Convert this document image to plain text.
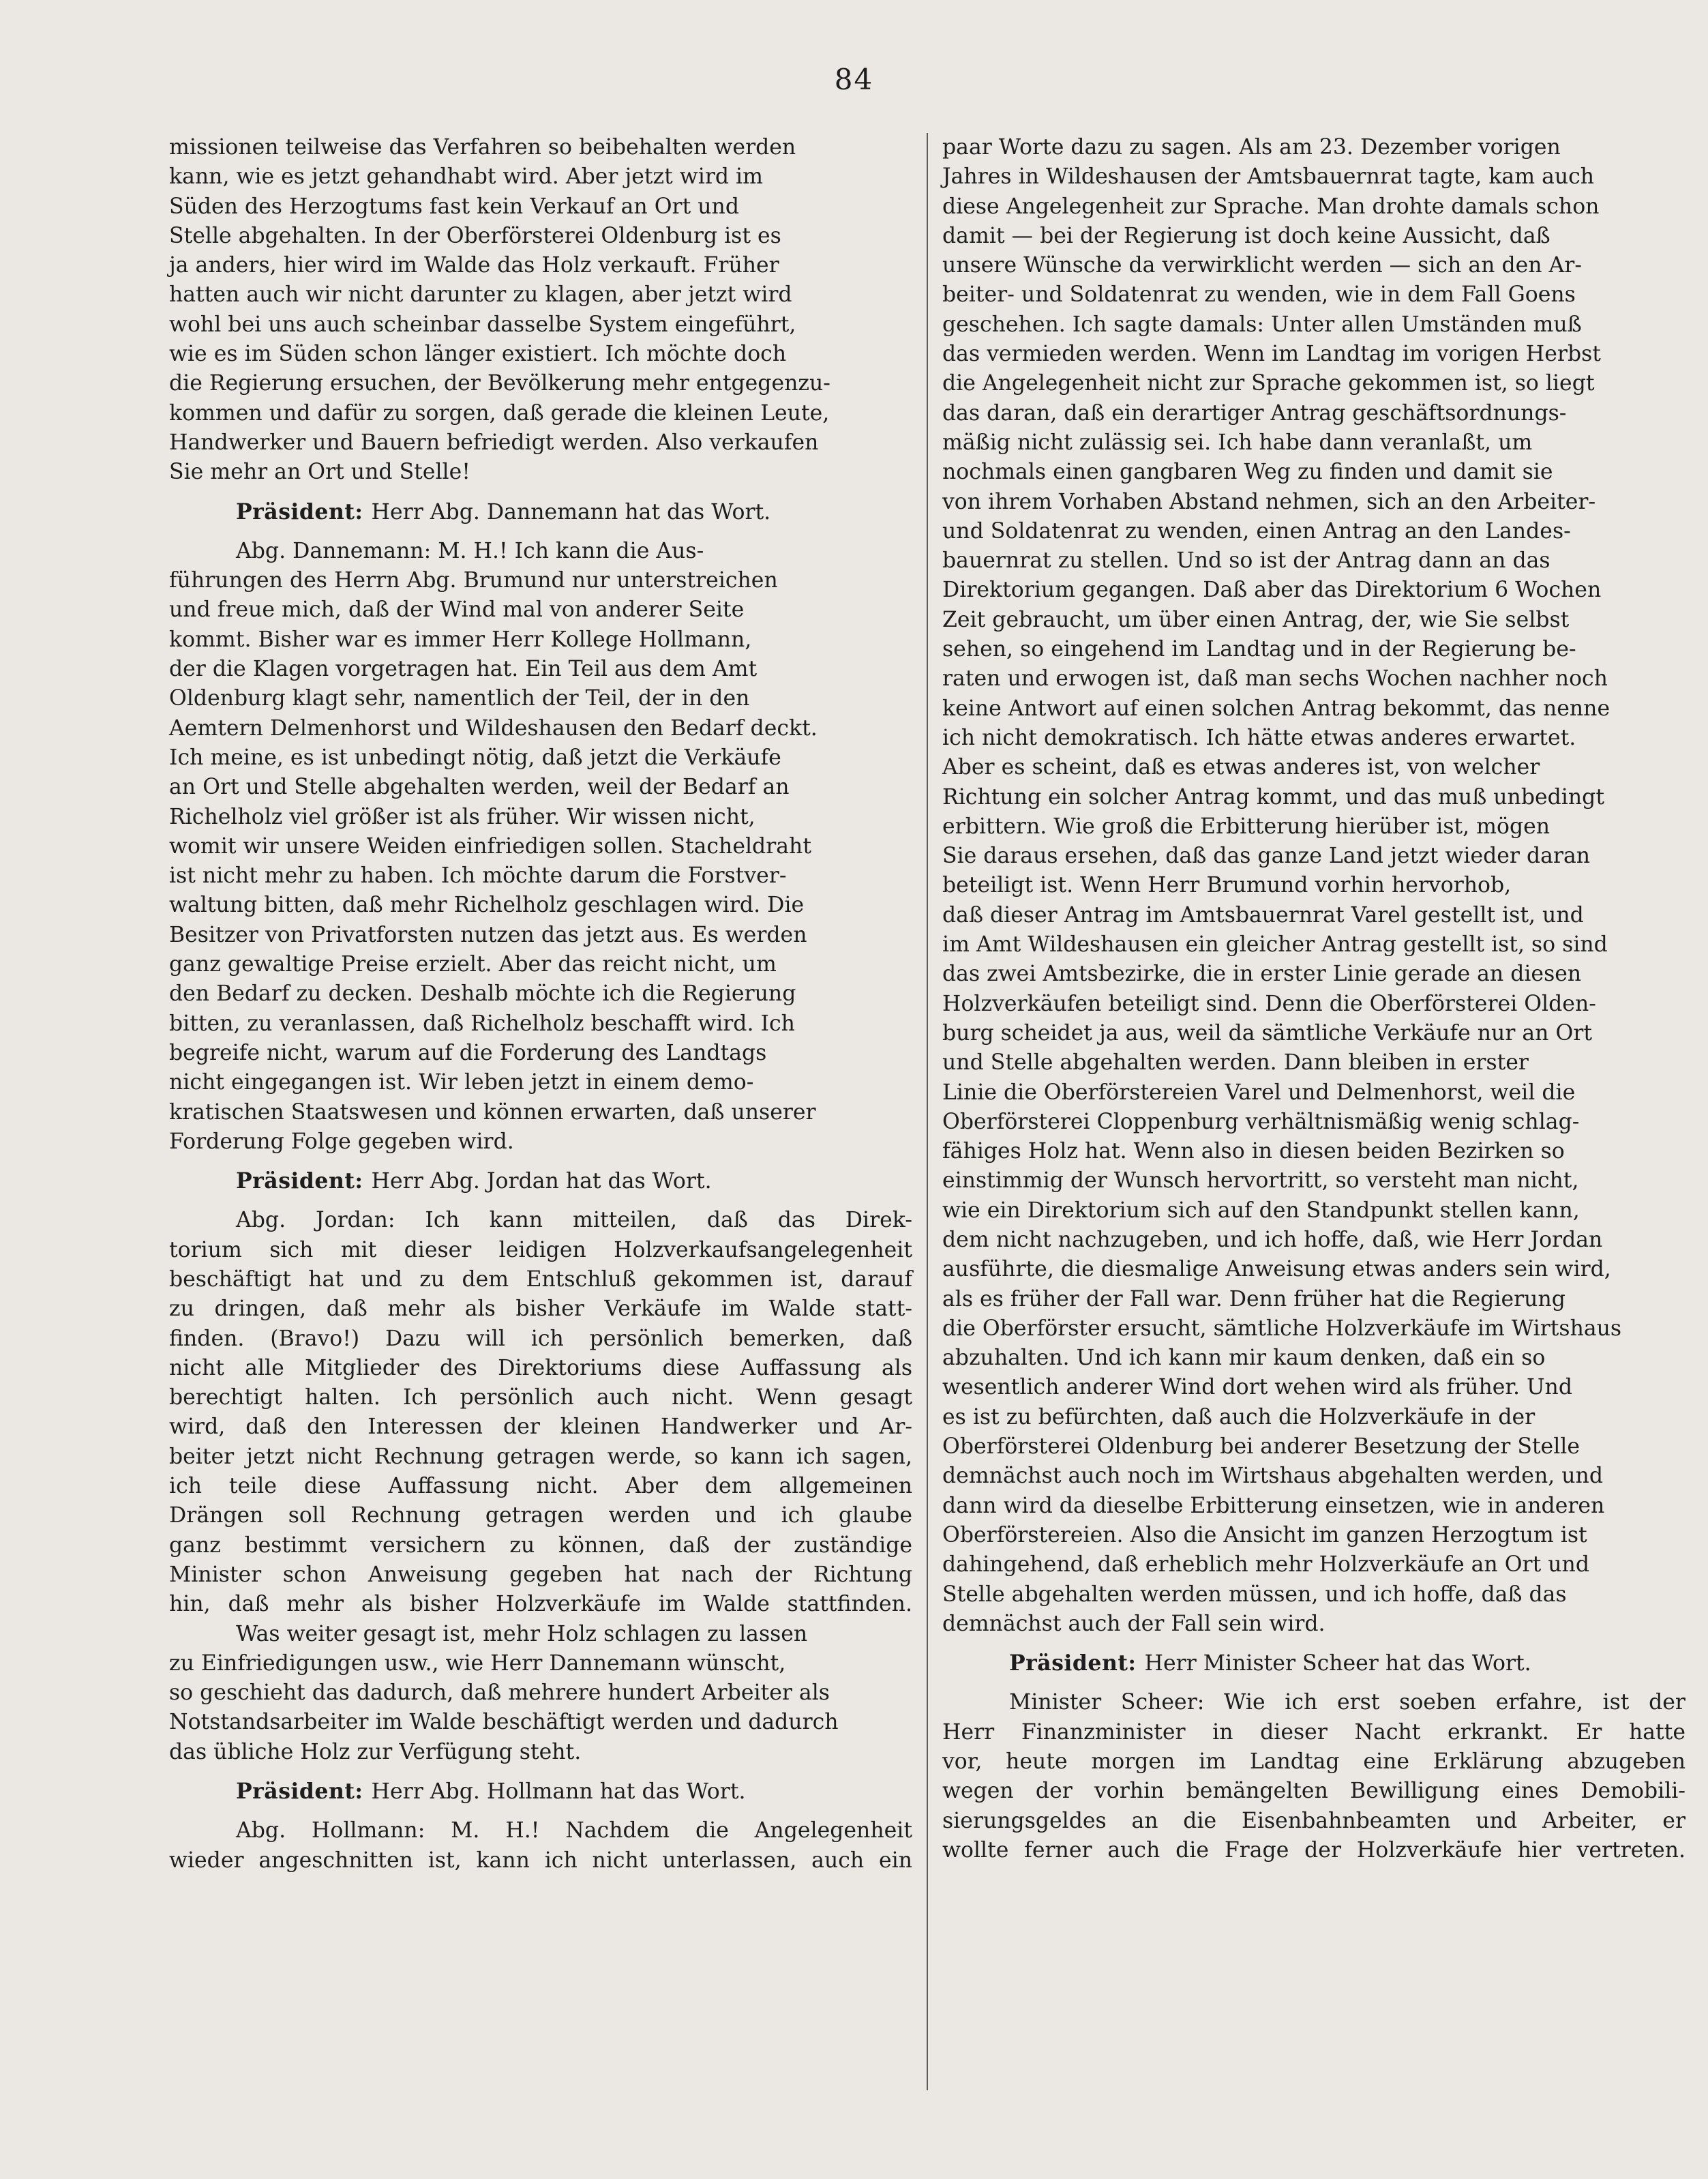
84

missionen teilweise das Verfahren so beibehalten werden
kann, wie es jetzt gehandhabt wird. Aber jetzt wird im
Süden des Herzogtums fast kein Verkauf an Ort und
Stelle abgehalten. In der Oberförsterei Oldenburg ist es
ja anders, hier wird im Walde das Holz verkauft. Früher
hatten auch wir nicht darunter zu klagen, aber jetzt wird
wohl bei uns auch scheinbar dasselbe System eingeführt,
wie es im Süden schon länger existiert. Ich möchte doch
die Regierung ersuchen, der Bevölkerung mehr entgegenzu-
kommen und dafür zu sorgen, daß gerade die kleinen Leute,
Handwerker und Bauern befriedigt werden. Also verkaufen
Sie mehr an Ort und Stelle!

Präsident: Herr Abg. Dannemann hat das Wort.

Abg. Dannemann: M. H.! Ich kann die Aus-
führungen des Herrn Abg. Brumund nur unterstreichen
und freue mich, daß der Wind mal von anderer Seite
kommt. Bisher war es immer Herr Kollege Hollmann,
der die Klagen vorgetragen hat. Ein Teil aus dem Amt
Oldenburg klagt sehr, namentlich der Teil, der in den
Aemtern Delmenhorst und Wildeshausen den Bedarf deckt.
Ich meine, es ist unbedingt nötig, daß jetzt die Verkäufe
an Ort und Stelle abgehalten werden, weil der Bedarf an
Richelholz viel größer ist als früher. Wir wissen nicht,
womit wir unsere Weiden einfriedigen sollen. Stacheldraht
ist nicht mehr zu haben. Ich möchte darum die Forstver-
waltung bitten, daß mehr Richelholz geschlagen wird. Die
Besitzer von Privatforsten nutzen das jetzt aus. Es werden
ganz gewaltige Preise erzielt. Aber das reicht nicht, um
den Bedarf zu decken. Deshalb möchte ich die Regierung
bitten, zu veranlassen, daß Richelholz beschafft wird. Ich
begreife nicht, warum auf die Forderung des Landtags
nicht eingegangen ist. Wir leben jetzt in einem demo-
kratischen Staatswesen und können erwarten, daß unserer
Forderung Folge gegeben wird.

Präsident: Herr Abg. Jordan hat das Wort.

Abg. Jordan: Ich kann mitteilen, daß das Direk-
torium sich mit dieser leidigen Holzverkaufsangelegenheit
beschäftigt hat und zu dem Entschluß gekommen ist, darauf
zu dringen, daß mehr als bisher Verkäufe im Walde statt-
finden. (Bravo!) Dazu will ich persönlich bemerken, daß
nicht alle Mitglieder des Direktoriums diese Auffassung als
berechtigt halten. Ich persönlich auch nicht. Wenn gesagt
wird, daß den Interessen der kleinen Handwerker und Ar-
beiter jetzt nicht Rechnung getragen werde, so kann ich sagen,
ich teile diese Auffassung nicht. Aber dem allgemeinen
Drängen soll Rechnung getragen werden und ich glaube
ganz bestimmt versichern zu können, daß der zuständige
Minister schon Anweisung gegeben hat nach der Richtung
hin, daß mehr als bisher Holzverkäufe im Walde stattfinden.

Was weiter gesagt ist, mehr Holz schlagen zu lassen
zu Einfriedigungen usw., wie Herr Dannemann wünscht,
so geschieht das dadurch, daß mehrere hundert Arbeiter als
Notstandsarbeiter im Walde beschäftigt werden und dadurch
das übliche Holz zur Verfügung steht.

Präsident: Herr Abg. Hollmann hat das Wort.

Abg. Hollmann: M. H.! Nachdem die Angelegenheit
wieder angeschnitten ist, kann ich nicht unterlassen, auch ein

paar Worte dazu zu sagen. Als am 23. Dezember vorigen
Jahres in Wildeshausen der Amtsbauernrat tagte, kam auch
diese Angelegenheit zur Sprache. Man drohte damals schon
damit — bei der Regierung ist doch keine Aussicht, daß
unsere Wünsche da verwirklicht werden — sich an den Ar-
beiter- und Soldatenrat zu wenden, wie in dem Fall Goens
geschehen. Ich sagte damals: Unter allen Umständen muß
das vermieden werden. Wenn im Landtag im vorigen Herbst
die Angelegenheit nicht zur Sprache gekommen ist, so liegt
das daran, daß ein derartiger Antrag geschäftsordnungs-
mäßig nicht zulässig sei. Ich habe dann veranlaßt, um
nochmals einen gangbaren Weg zu finden und damit sie
von ihrem Vorhaben Abstand nehmen, sich an den Arbeiter-
und Soldatenrat zu wenden, einen Antrag an den Landes-
bauernrat zu stellen. Und so ist der Antrag dann an das
Direktorium gegangen. Daß aber das Direktorium 6 Wochen
Zeit gebraucht, um über einen Antrag, der, wie Sie selbst
sehen, so eingehend im Landtag und in der Regierung be-
raten und erwogen ist, daß man sechs Wochen nachher noch
keine Antwort auf einen solchen Antrag bekommt, das nenne
ich nicht demokratisch. Ich hätte etwas anderes erwartet.
Aber es scheint, daß es etwas anderes ist, von welcher
Richtung ein solcher Antrag kommt, und das muß unbedingt
erbittern. Wie groß die Erbitterung hierüber ist, mögen
Sie daraus ersehen, daß das ganze Land jetzt wieder daran
beteiligt ist. Wenn Herr Brumund vorhin hervorhob,
daß dieser Antrag im Amtsbauernrat Varel gestellt ist, und
im Amt Wildeshausen ein gleicher Antrag gestellt ist, so sind
das zwei Amtsbezirke, die in erster Linie gerade an diesen
Holzverkäufen beteiligt sind. Denn die Oberförsterei Olden-
burg scheidet ja aus, weil da sämtliche Verkäufe nur an Ort
und Stelle abgehalten werden. Dann bleiben in erster
Linie die Oberförstereien Varel und Delmenhorst, weil die
Oberförsterei Cloppenburg verhältnismäßig wenig schlag-
fähiges Holz hat. Wenn also in diesen beiden Bezirken so
einstimmig der Wunsch hervortritt, so versteht man nicht,
wie ein Direktorium sich auf den Standpunkt stellen kann,
dem nicht nachzugeben, und ich hoffe, daß, wie Herr Jordan
ausführte, die diesmalige Anweisung etwas anders sein wird,
als es früher der Fall war. Denn früher hat die Regierung
die Oberförster ersucht, sämtliche Holzverkäufe im Wirtshaus
abzuhalten. Und ich kann mir kaum denken, daß ein so
wesentlich anderer Wind dort wehen wird als früher. Und
es ist zu befürchten, daß auch die Holzverkäufe in der
Oberförsterei Oldenburg bei anderer Besetzung der Stelle
demnächst auch noch im Wirtshaus abgehalten werden, und
dann wird da dieselbe Erbitterung einsetzen, wie in anderen
Oberförstereien. Also die Ansicht im ganzen Herzogtum ist
dahingehend, daß erheblich mehr Holzverkäufe an Ort und
Stelle abgehalten werden müssen, und ich hoffe, daß das
demnächst auch der Fall sein wird.

Präsident: Herr Minister Scheer hat das Wort.

Minister Scheer: Wie ich erst soeben erfahre, ist der
Herr Finanzminister in dieser Nacht erkrankt. Er hatte
vor, heute morgen im Landtag eine Erklärung abzugeben
wegen der vorhin bemängelten Bewilligung eines Demobili-
sierungsgeldes an die Eisenbahnbeamten und Arbeiter, er
wollte ferner auch die Frage der Holzverkäufe hier vertreten.
